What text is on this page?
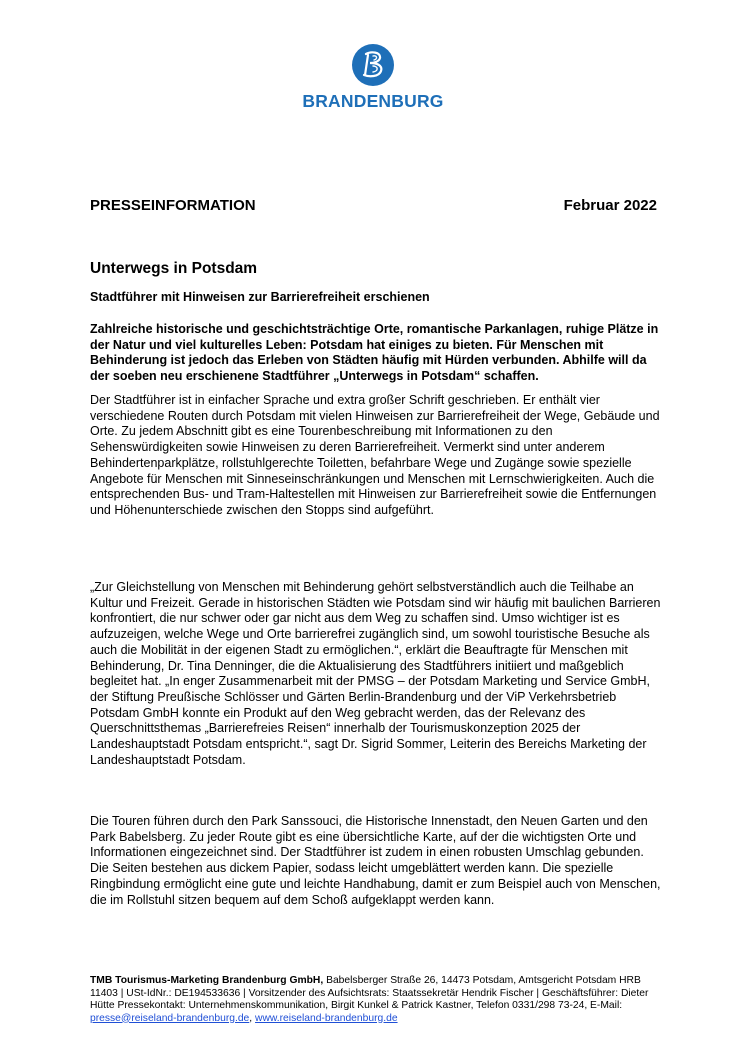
BRANDENBURG
PRESSEINFORMATION	Februar 2022
Unterwegs in Potsdam
Stadtführer mit Hinweisen zur Barrierefreiheit erschienen

Zahlreiche historische und geschichtsträchtige Orte, romantische Parkanlagen, ruhige Plätze in der Natur und viel kulturelles Leben: Potsdam hat einiges zu bieten. Für Menschen mit Behinderung ist jedoch das Erleben von Städten häufig mit Hürden verbunden. Abhilfe will da der soeben neu erschienene Stadtführer „Unterwegs in Potsdam“ schaffen.

Der Stadtführer ist in einfacher Sprache und extra großer Schrift geschrieben. Er enthält vier verschiedene Routen durch Potsdam mit vielen Hinweisen zur Barrierefreiheit der Wege, Gebäude und Orte. Zu jedem Abschnitt gibt es eine Tourenbeschreibung mit Informationen zu den Sehenswürdigkeiten sowie Hinweisen zu deren Barrierefreiheit. Vermerkt sind unter anderem Behindertenparkplätze, rollstuhlgerechte Toiletten, befahrbare Wege und Zugänge sowie spezielle Angebote für Menschen mit Sinneseinschränkungen und Menschen mit Lernschwierigkeiten. Auch die entsprechenden Bus- und Tram-Haltestellen mit Hinweisen zur Barrierefreiheit sowie die Entfernungen und Höhenunterschiede zwischen den Stopps sind aufgeführt.

„Zur Gleichstellung von Menschen mit Behinderung gehört selbstverständlich auch die Teilhabe an Kultur und Freizeit. Gerade in historischen Städten wie Potsdam sind wir häufig mit baulichen Barrieren konfrontiert, die nur schwer oder gar nicht aus dem Weg zu schaffen sind. Umso wichtiger ist es aufzuzeigen, welche Wege und Orte barrierefrei zugänglich sind, um sowohl touristische Besuche als auch die Mobilität in der eigenen Stadt zu ermöglichen.“, erklärt die Beauftragte für Menschen mit Behinderung, Dr. Tina Denninger, die die Aktualisierung des Stadtführers initiiert und maßgeblich begleitet hat. „In enger Zusammenarbeit mit der PMSG – der Potsdam Marketing und Service GmbH, der Stiftung Preußische Schlösser und Gärten Berlin-Brandenburg und der ViP Verkehrsbetrieb Potsdam GmbH konnte ein Produkt auf den Weg gebracht werden, das der Relevanz des Querschnittsthemas „Barrierefreies Reisen“ innerhalb der Tourismuskonzeption 2025 der Landeshauptstadt Potsdam entspricht.“, sagt Dr. Sigrid Sommer, Leiterin des Bereichs Marketing der Landeshauptstadt Potsdam.

Die Touren führen durch den Park Sanssouci, die Historische Innenstadt, den Neuen Garten und den Park Babelsberg. Zu jeder Route gibt es eine übersichtliche Karte, auf der die wichtigsten Orte und Informationen eingezeichnet sind. Der Stadtführer ist zudem in einen robusten Umschlag gebunden. Die Seiten bestehen aus dickem Papier, sodass leicht umgeblättert werden kann. Die spezielle Ringbindung ermöglicht eine gute und leichte Handhabung, damit er zum Beispiel auch von Menschen, die im Rollstuhl sitzen bequem auf dem Schoß aufgeklappt werden kann.

TMB Tourismus-Marketing Brandenburg GmbH, Babelsberger Straße 26, 14473 Potsdam, Amtsgericht Potsdam HRB 11403 | USt-IdNr.: DE194533636 | Vorsitzender des Aufsichtsrats: Staatssekretär Hendrik Fischer | Geschäftsführer: Dieter Hütte Pressekontakt: Unternehmenskommunikation, Birgit Kunkel & Patrick Kastner, Telefon 0331/298 73-24, E-Mail: presse@reiseland-brandenburg.de, www.reiseland-brandenburg.de
